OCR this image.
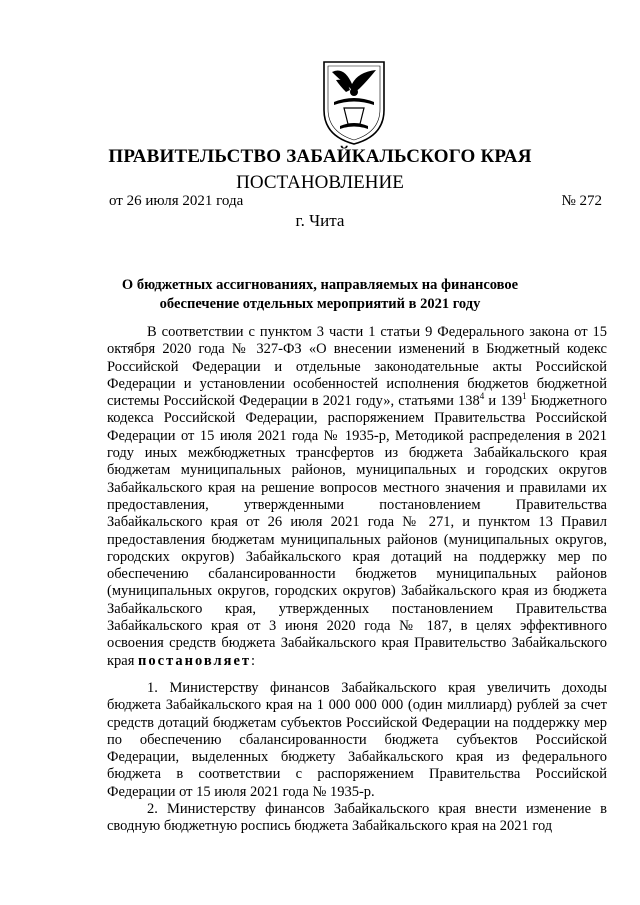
ПРАВИТЕЛЬСТВО ЗАБАЙКАЛЬСКОГО КРАЯ
ПОСТАНОВЛЕНИЕ
от 26 июля 2021 года	№ 272
г. Чита
О бюджетных ассигнованиях, направляемых на финансовое обеспечение отдельных мероприятий в 2021 году

В соответствии с пунктом 3 части 1 статьи 9 Федерального закона от 15 октября 2020 года № 327-ФЗ «О внесении изменений в Бюджетный кодекс Российской Федерации и отдельные законодательные акты Российской Федерации и установлении особенностей исполнения бюджетов бюджетной системы Российской Федерации в 2021 году», статьями $138^4$ и $139^1$ Бюджетного кодекса Российской Федерации, распоряжением Правительства Российской Федерации от 15 июля 2021 года № 1935-р, Методикой распределения в 2021 году иных межбюджетных трансфертов из бюджета Забайкальского края бюджетам муниципальных районов, муниципальных и городских округов Забайкальского края на решение вопросов местного значения и правилами их предоставления, утвержденными постановлением Правительства Забайкальского края от 26 июля 2021 года № 271, и пунктом 13 Правил предоставления бюджетам муниципальных районов (муниципальных округов, городских округов) Забайкальского края дотаций на поддержку мер по обеспечению сбалансированности бюджетов муниципальных районов (муниципальных округов, городских округов) Забайкальского края из бюджета Забайкальского края, утвержденных постановлением Правительства Забайкальского края от 3 июня 2020 года № 187, в целях эффективного освоения средств бюджета Забайкальского края Правительство Забайкальского края постановляет:

1. Министерству финансов Забайкальского края увеличить доходы бюджета Забайкальского края на 1 000 000 000 (один миллиард) рублей за счет средств дотаций бюджетам субъектов Российской Федерации на поддержку мер по обеспечению сбалансированности бюджета субъектов Российской Федерации, выделенных бюджету Забайкальского края из федерального бюджета в соответствии с распоряжением Правительства Российской Федерации от 15 июля 2021 года № 1935-р.

2. Министерству финансов Забайкальского края внести изменение в сводную бюджетную роспись бюджета Забайкальского края на 2021 год
